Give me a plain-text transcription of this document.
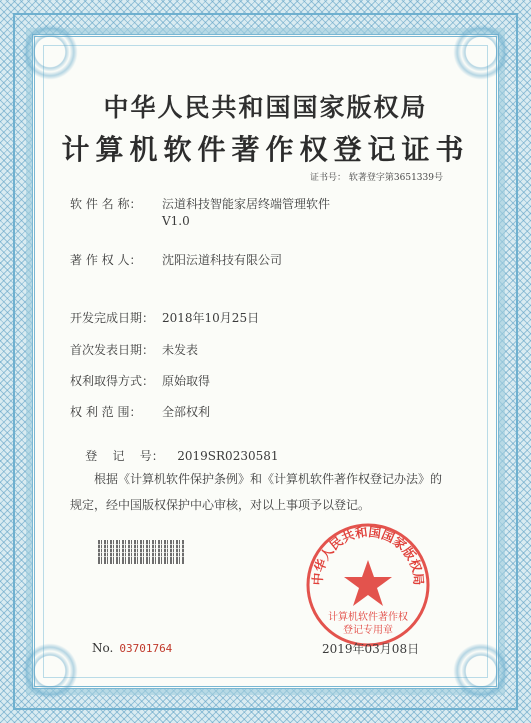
中华人民共和国国家版权局
计算机软件著作权登记证书
证书号： 软著登字第3651339号
软 件 名 称： 沄道科技智能家居终端管理软件
V1.0
著 作 权 人： 沈阳沄道科技有限公司
开发完成日期： 2018年10月25日
首次发表日期： 未发表
权利取得方式： 原始取得
权 利 范 围： 全部权利

登    记    号： 2019SR0230581

根据《计算机软件保护条例》和《计算机软件著作权登记办法》的
规定，经中国版权保护中心审核，对以上事项予以登记。
中华人民共和国国家版权局
计算机软件著作权
登记专用章
No. 03701764	2019年03月08日
